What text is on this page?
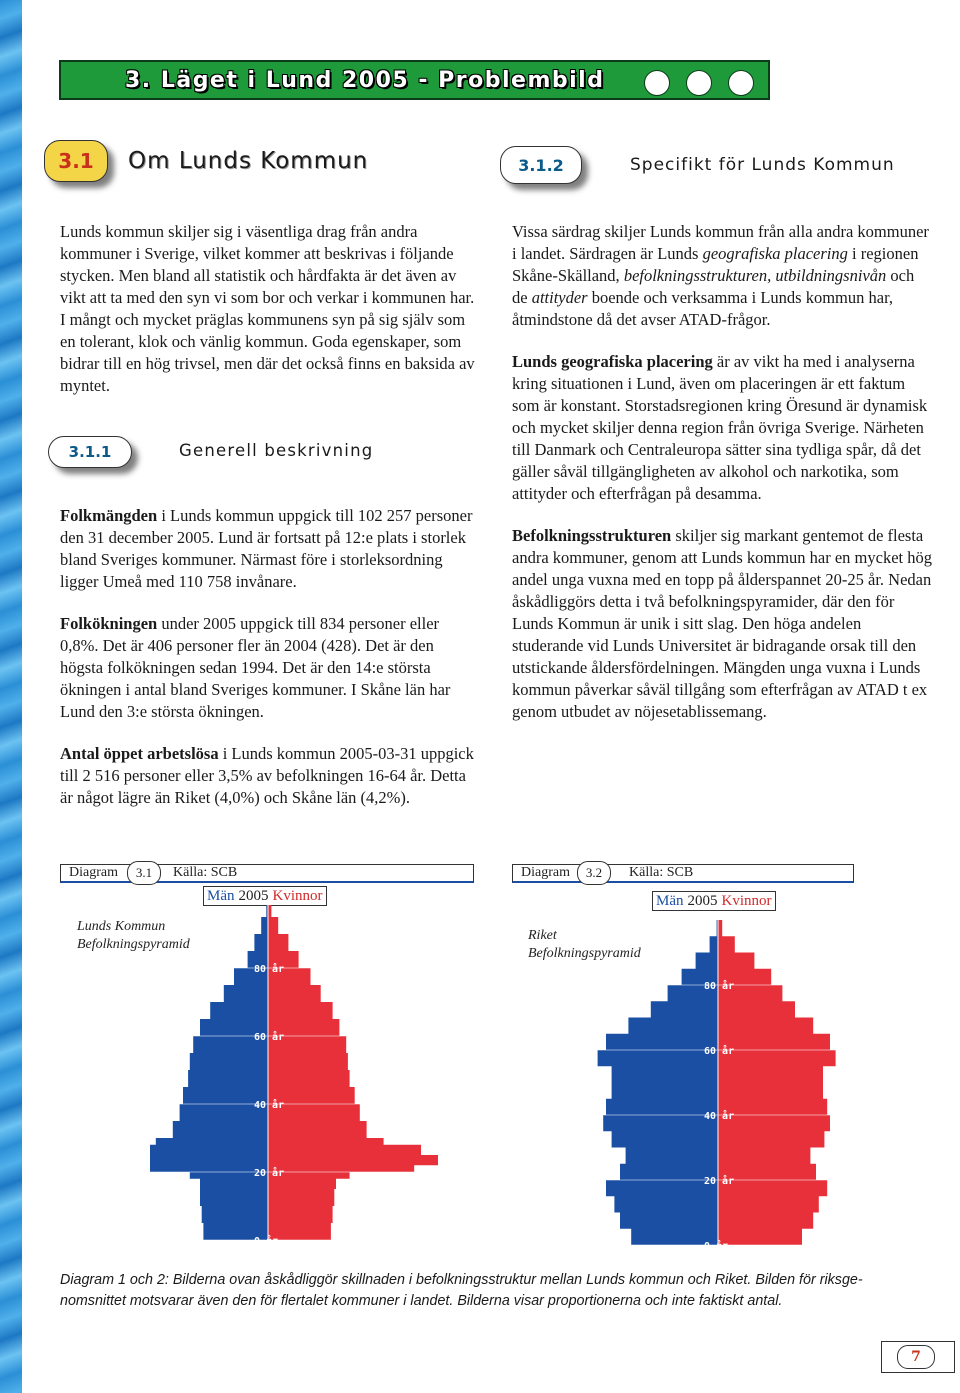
3. Läget i Lund 2005 - Problembild
3.1	Om Lunds Kommun	3.1.2	Specifikt för Lunds Kommun

Lunds kommun skiljer sig i väsentliga drag från andra kommuner i Sverige, vilket kommer att beskrivas i följande stycken. Men bland all statistik och hårdfakta är det även av vikt att ta med den syn vi som bor och verkar i kommunen har. I mångt och mycket präglas kommunens syn på sig själv som en tolerant, klok och vänlig kommun. Goda egenskaper, som bidrar till en hög trivsel, men där det också finns en baksida av myntet.

3.1.1	Generell beskrivning

Folkmängden i Lunds kommun uppgick till 102 257 personer den 31 december 2005. Lund är fortsatt på 12:e plats i storlek bland Sveriges kommuner. Närmast före i storleksordning ligger Umeå med 110 758 invånare.

Folkökningen under 2005 uppgick till 834 personer eller 0,8%. Det är 406 personer fler än 2004 (428). Det är den högsta folkökningen sedan 1994. Det är den 14:e största ökningen i antal bland Sveriges kommuner. I Skåne län har Lund den 3:e största ökningen.

Antal öppet arbetslösa i Lunds kommun 2005-03-31 uppgick till 2 516 personer eller 3,5% av befolkningen 16-64 år. Detta är något lägre än Riket (4,0%) och Skåne län (4,2%).

Vissa särdrag skiljer Lunds kommun från alla andra kommuner i landet. Särdragen är Lunds geografiska placering i regionen Skåne-Skälland, befolkningsstrukturen, utbildningsnivån och de attityder boende och verksamma i Lunds kommun har, åtmindstone då det avser ATAD-frågor.

Lunds geografiska placering är av vikt ha med i analyserna kring situationen i Lund, även om placeringen är ett faktum som är konstant. Storstadsregionen kring Öresund är dynamisk och mycket skiljer denna region från övriga Sverige. Närheten till Danmark och Centraleuropa sätter sina tydliga spår, då det gäller såväl tillgängligheten av alkohol och narkotika, som attityder och efterfrågan på desamma.

Befolkningsstrukturen skiljer sig markant gentemot de flesta andra kommuner, genom att Lunds kommun har en mycket hög andel unga vuxna med en topp på ålderspannet 20-25 år. Nedan åskådliggörs detta i två befolkningspyramider, där den för Lunds Kommun är unik i sitt slag. Den höga andelen studerande vid Lunds Universitet är bidragande orsak till den utstickande åldersfördelningen. Mängden unga vuxna i Lunds kommun påverkar såväl tillgång som efterfrågan av ATAD t ex genom utbudet av nöjesetablissemang.

Diagram	3.1	Källa: SCB
Män 2005 Kvinnor
Lunds Kommun
Befolkningspyramid
0 år
20 år
40 år
60 år
80 år
Diagram	3.2	Källa: SCB
Män 2005 Kvinnor
Riket
Befolkningspyramid
0 år
20 år
40 år
60 år
80 år
Diagram 1 och 2: Bilderna ovan åskådliggör skillnaden i befolkningsstruktur mellan Lunds kommun och Riket. Bilden för riksge-nomsnittet motsvarar även den för flertalet kommuner i landet. Bilderna visar proportionerna och inte faktiskt antal.
7
